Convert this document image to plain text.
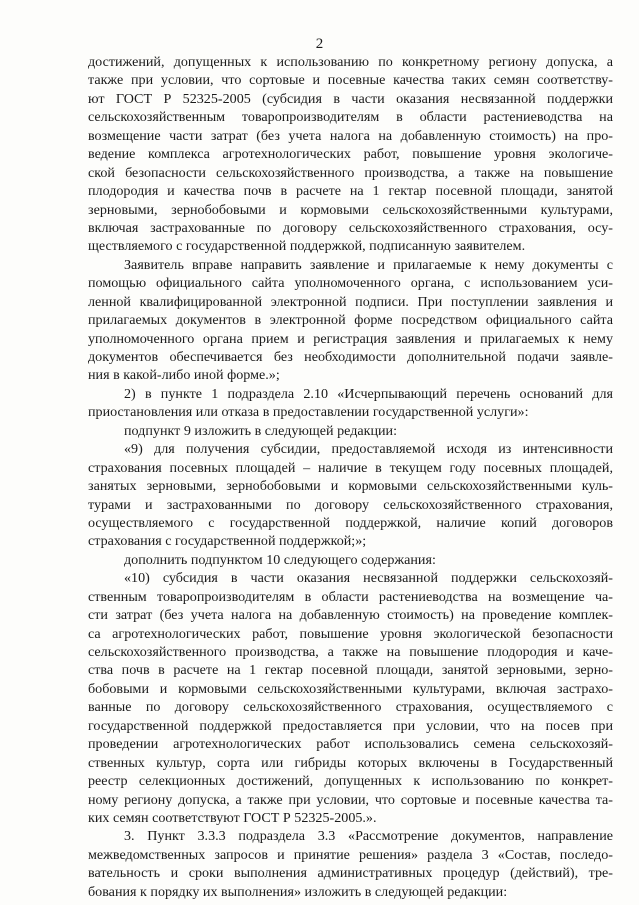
2
достижений, допущенных к использованию по конкретному региону допуска, а
также при условии, что сортовые и посевные качества таких семян соответству-
ют ГОСТ Р 52325-2005 (субсидия в части оказания несвязанной поддержки
сельскохозяйственным товаропроизводителям в области растениеводства на
возмещение части затрат (без учета налога на добавленную стоимость) на про-
ведение комплекса агротехнологических работ, повышение уровня экологиче-
ской безопасности сельскохозяйственного производства, а также на повышение
плодородия и качества почв в расчете на 1 гектар посевной площади, занятой
зерновыми, зернобобовыми и кормовыми сельскохозяйственными культурами,
включая застрахованные по договору сельскохозяйственного страхования, осу-
ществляемого с государственной поддержкой, подписанную заявителем.
Заявитель вправе направить заявление и прилагаемые к нему документы с
помощью официального сайта уполномоченного органа, с использованием уси-
ленной квалифицированной электронной подписи. При поступлении заявления и
прилагаемых документов в электронной форме посредством официального сайта
уполномоченного органа прием и регистрация заявления и прилагаемых к нему
документов обеспечивается без необходимости дополнительной подачи заявле-
ния в какой-либо иной форме.»;
2) в пункте 1 подраздела 2.10 «Исчерпывающий перечень оснований для
приостановления или отказа в предоставлении государственной услуги»:
подпункт 9 изложить в следующей редакции:
«9) для получения субсидии, предоставляемой исходя из интенсивности
страхования посевных площадей – наличие в текущем году посевных площадей,
занятых зерновыми, зернобобовыми и кормовыми сельскохозяйственными куль-
турами и застрахованными по договору сельскохозяйственного страхования,
осуществляемого с государственной поддержкой, наличие копий договоров
страхования с государственной поддержкой;»;
дополнить подпунктом 10 следующего содержания:
«10) субсидия в части оказания несвязанной поддержки сельскохозяй-
ственным товаропроизводителям в области растениеводства на возмещение ча-
сти затрат (без учета налога на добавленную стоимость) на проведение комплек-
са агротехнологических работ, повышение уровня экологической безопасности
сельскохозяйственного производства, а также на повышение плодородия и каче-
ства почв в расчете на 1 гектар посевной площади, занятой зерновыми, зерно-
бобовыми и кормовыми сельскохозяйственными культурами, включая застрахо-
ванные по договору сельскохозяйственного страхования, осуществляемого с
государственной поддержкой предоставляется при условии, что на посев при
проведении агротехнологических работ использовались семена сельскохозяй-
ственных культур, сорта или гибриды которых включены в Государственный
реестр селекционных достижений, допущенных к использованию по конкрет-
ному региону допуска, а также при условии, что сортовые и посевные качества та-
ких семян соответствуют ГОСТ Р 52325-2005.».
3. Пункт 3.3.3 подраздела 3.3 «Рассмотрение документов, направление
межведомственных запросов и принятие решения» раздела 3 «Состав, последо-
вательность и сроки выполнения административных процедур (действий), тре-
бования к порядку их выполнения» изложить в следующей редакции:
